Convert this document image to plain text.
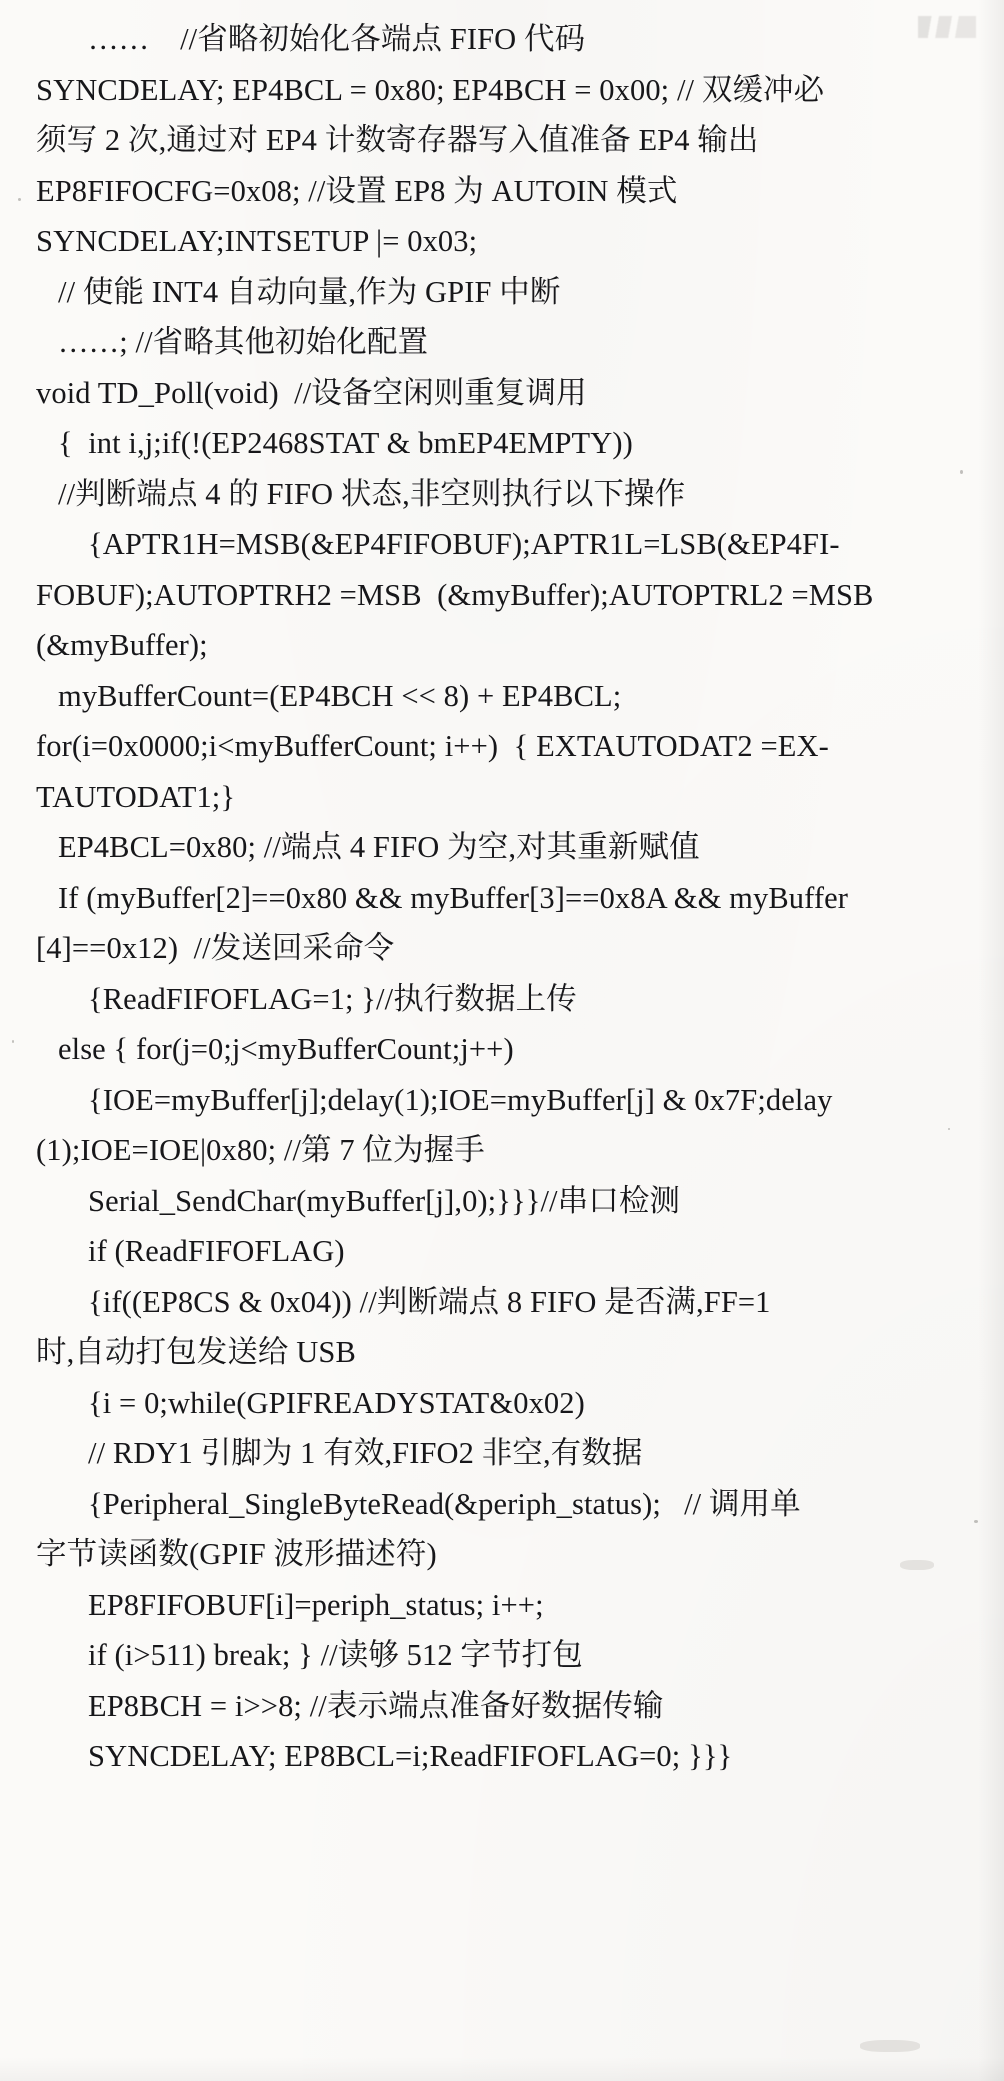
……    //省略初始化各端点 FIFO 代码
SYNCDELAY; EP4BCL = 0x80; EP4BCH = 0x00; // 双缓冲必
须写 2 次,通过对 EP4 计数寄存器写入值准备 EP4 输出
EP8FIFOCFG=0x08; //设置 EP8 为 AUTOIN 模式
SYNCDELAY;INTSETUP |= 0x03;
// 使能 INT4 自动向量,作为 GPIF 中断
……; //省略其他初始化配置
void TD_Poll(void)  //设备空闲则重复调用
{  int i,j;if(!(EP2468STAT & bmEP4EMPTY))
//判断端点 4 的 FIFO 状态,非空则执行以下操作
{APTR1H=MSB(&EP4FIFOBUF);APTR1L=LSB(&EP4FI-
FOBUF);AUTOPTRH2 =MSB  (&myBuffer);AUTOPTRL2 =MSB
(&myBuffer);
myBufferCount=(EP4BCH << 8) + EP4BCL;
for(i=0x0000;i<myBufferCount; i++)  { EXTAUTODAT2 =EX-
TAUTODAT1;}
EP4BCL=0x80; //端点 4 FIFO 为空,对其重新赋值
If (myBuffer[2]==0x80 && myBuffer[3]==0x8A && myBuffer
[4]==0x12)  //发送回采命令
{ReadFIFOFLAG=1; }//执行数据上传
else { for(j=0;j<myBufferCount;j++)
{IOE=myBuffer[j];delay(1);IOE=myBuffer[j] & 0x7F;delay
(1);IOE=IOE|0x80; //第 7 位为握手
Serial_SendChar(myBuffer[j],0);}}}//串口检测
if (ReadFIFOFLAG)
{if((EP8CS & 0x04)) //判断端点 8 FIFO 是否满,FF=1
时,自动打包发送给 USB
{i = 0;while(GPIFREADYSTAT&0x02)
// RDY1 引脚为 1 有效,FIFO2 非空,有数据
{Peripheral_SingleByteRead(&periph_status);   // 调用单
字节读函数(GPIF 波形描述符)
EP8FIFOBUF[i]=periph_status; i++;
if (i>511) break; } //读够 512 字节打包
EP8BCH = i>>8; //表示端点准备好数据传输
SYNCDELAY; EP8BCL=i;ReadFIFOFLAG=0; }}}
